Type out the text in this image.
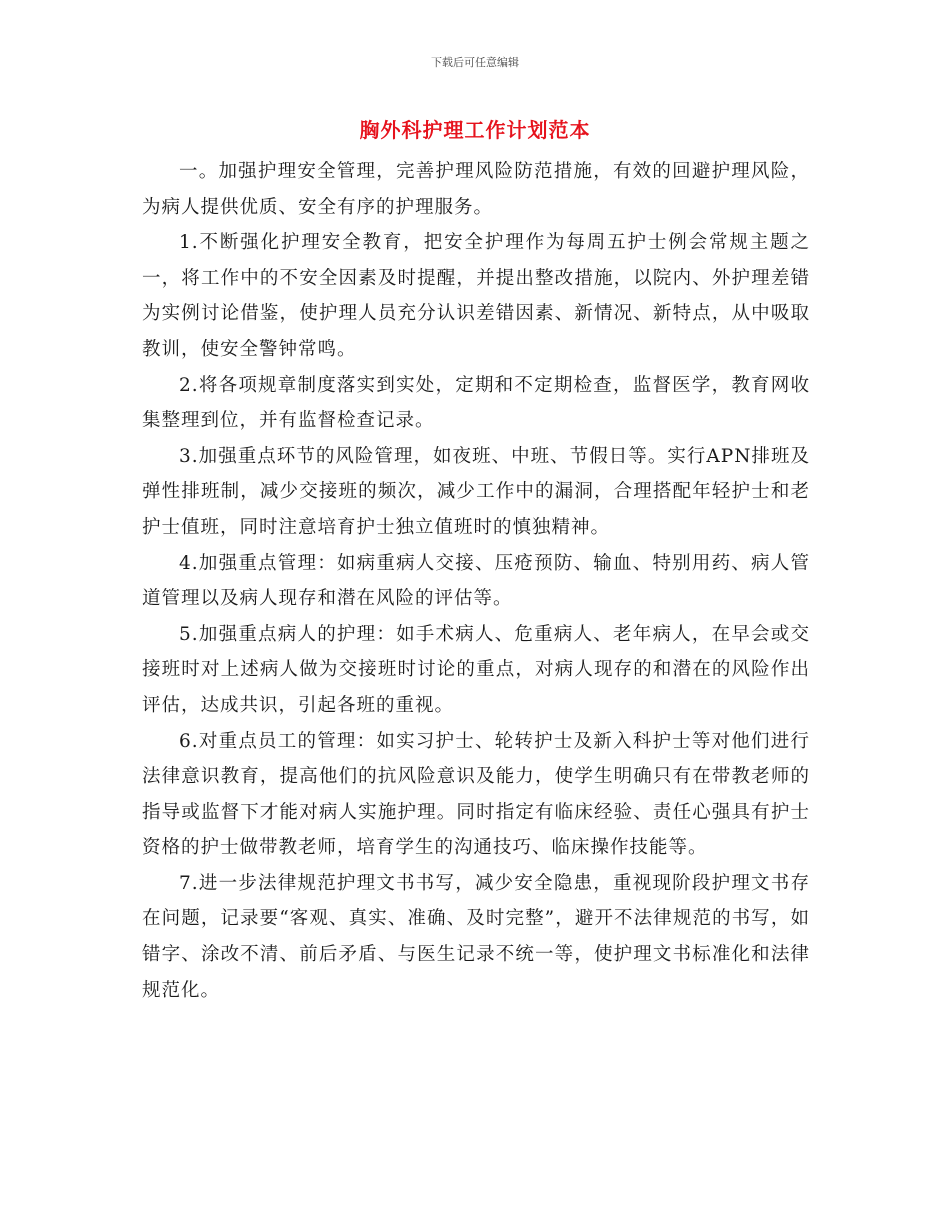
下载后可任意编辑
胸外科护理工作计划范本

一。加强护理安全管理，完善护理风险防范措施，有效的回避护理风险，为病人提供优质、安全有序的护理服务。

1.不断强化护理安全教育，把安全护理作为每周五护士例会常规主题之一，将工作中的不安全因素及时提醒，并提出整改措施，以院内、外护理差错为实例讨论借鉴，使护理人员充分认识差错因素、新情况、新特点，从中吸取教训，使安全警钟常鸣。

2.将各项规章制度落实到实处，定期和不定期检查，监督医学，教育网收集整理到位，并有监督检查记录。

3.加强重点环节的风险管理，如夜班、中班、节假日等。实行APN排班及弹性排班制，减少交接班的频次，减少工作中的漏洞，合理搭配年轻护士和老护士值班，同时注意培育护士独立值班时的慎独精神。

4.加强重点管理：如病重病人交接、压疮预防、输血、特别用药、病人管道管理以及病人现存和潜在风险的评估等。

5.加强重点病人的护理：如手术病人、危重病人、老年病人，在早会或交接班时对上述病人做为交接班时讨论的重点，对病人现存的和潜在的风险作出评估，达成共识，引起各班的重视。

6.对重点员工的管理：如实习护士、轮转护士及新入科护士等对他们进行法律意识教育，提高他们的抗风险意识及能力，使学生明确只有在带教老师的指导或监督下才能对病人实施护理。同时指定有临床经验、责任心强具有护士资格的护士做带教老师，培育学生的沟通技巧、临床操作技能等。

7.进一步法律规范护理文书书写，减少安全隐患，重视现阶段护理文书存在问题，记录要“客观、真实、准确、及时完整”，避开不法律规范的书写，如错字、涂改不清、前后矛盾、与医生记录不统一等，使护理文书标准化和法律规范化。
